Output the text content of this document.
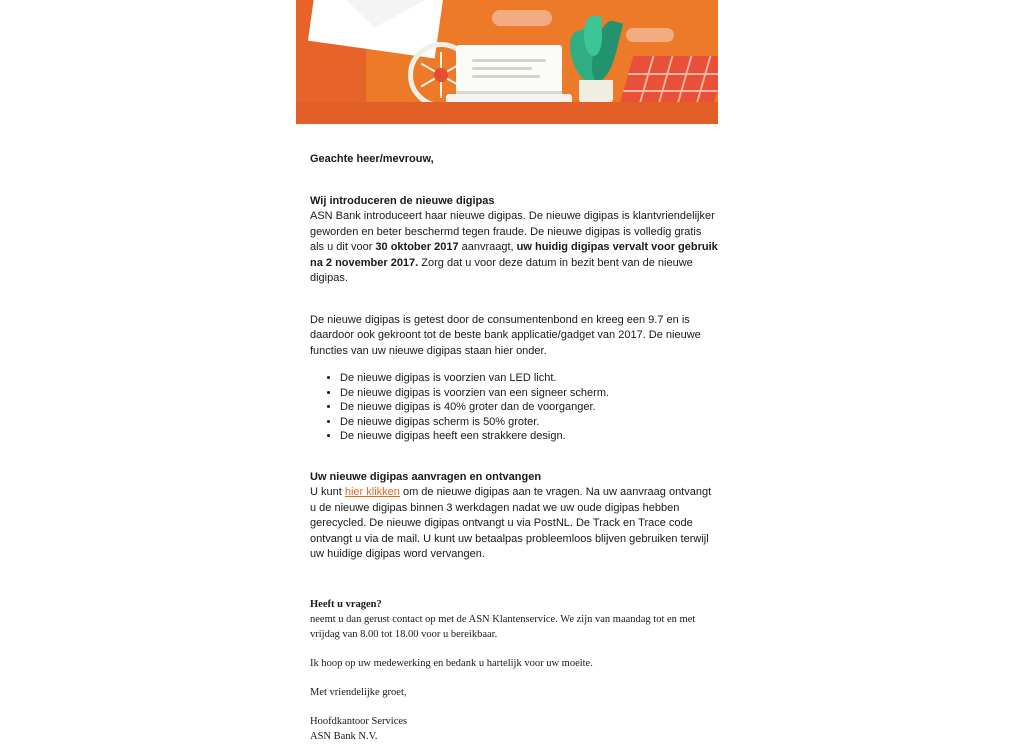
Geachte heer/mevrouw,

Wij introduceren de nieuwe digipas
ASN Bank introduceert haar nieuwe digipas. De nieuwe digipas is klantvriendelijker geworden en beter beschermd tegen fraude. De nieuwe digipas is volledig gratis als u dit voor 30 oktober 2017 aanvraagt, uw huidig digipas vervalt voor gebruik na 2 november 2017. Zorg dat u voor deze datum in bezit bent van de nieuwe digipas.

De nieuwe digipas is getest door de consumentenbond en kreeg een 9.7 en is daardoor ook gekroont tot de beste bank applicatie/gadget van 2017. De nieuwe functies van uw nieuwe digipas staan hier onder.

• De nieuwe digipas is voorzien van LED licht.
• De nieuwe digipas is voorzien van een signeer scherm.
• De nieuwe digipas is 40% groter dan de voorganger.
• De nieuwe digipas scherm is 50% groter.
• De nieuwe digipas heeft een strakkere design.

Uw nieuwe digipas aanvragen en ontvangen
U kunt hier klikken om de nieuwe digipas aan te vragen. Na uw aanvraag ontvangt u de nieuwe digipas binnen 3 werkdagen nadat we uw oude digipas hebben gerecycled. De nieuwe digipas ontvangt u via PostNL. De Track en Trace code ontvangt u via de mail. U kunt uw betaalpas probleemloos blijven gebruiken terwijl uw huidige digipas word vervangen.

Heeft u vragen?

neemt u dan gerust contact op met de ASN Klantenservice. We zijn van maandag tot en met vrijdag van 8.00 tot 18.00 voor u bereikbaar.

Ik hoop op uw medewerking en bedank u hartelijk voor uw moeite.

Met vriendelijke groet,

Hoofdkantoor Services

ASN Bank N.V.
